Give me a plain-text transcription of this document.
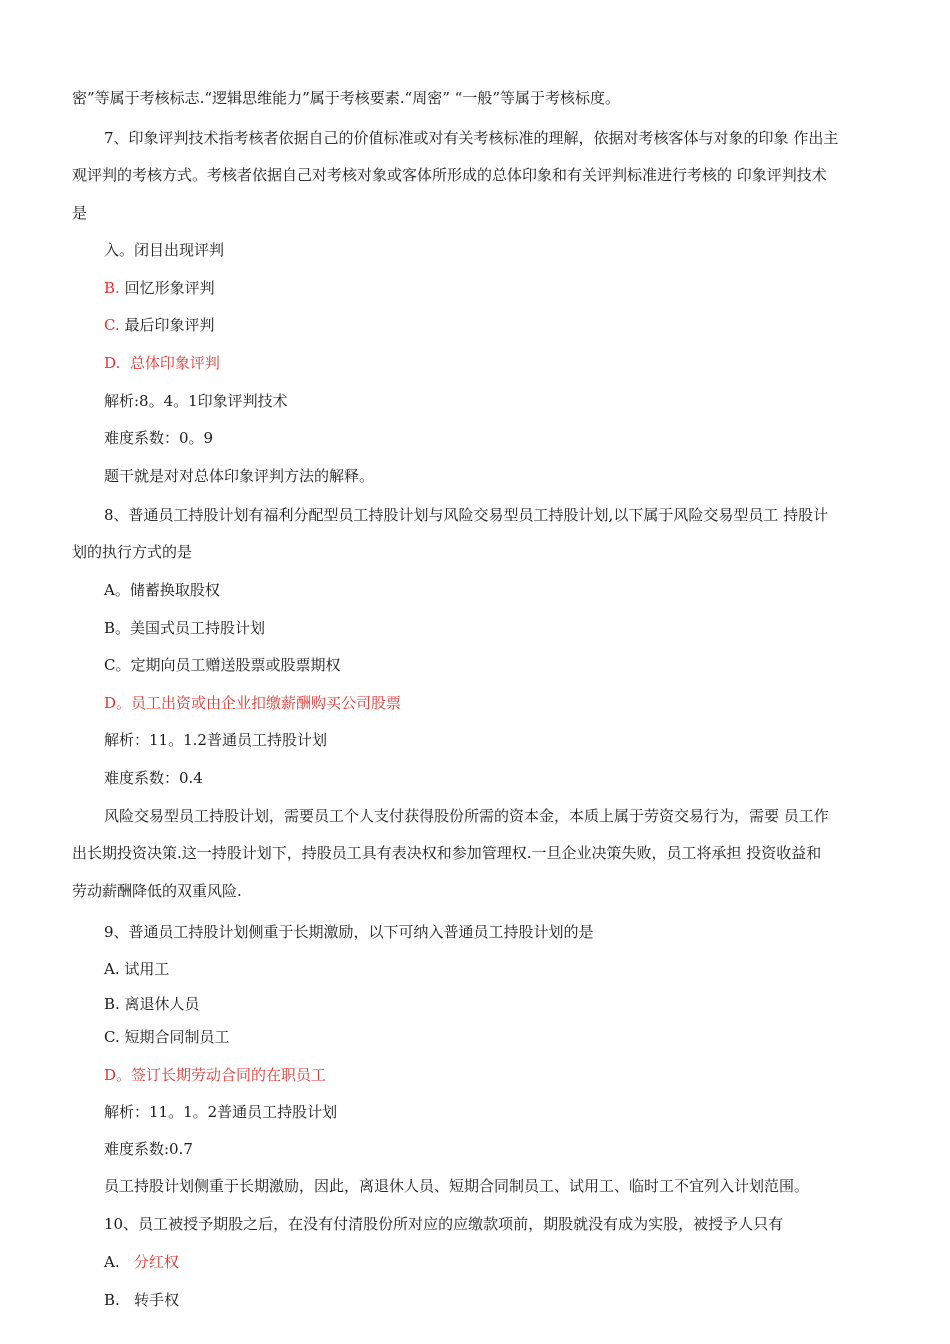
密”等属于考核标志.“逻辑思维能力”属于考核要素.“周密” “一般”等属于考核标度。
7、印象评判技术指考核者依据自己的价值标准或对有关考核标准的理解，依据对考核客体与对象的印象 作出主
观评判的考核方式。考核者依据自己对考核对象或客体所形成的总体印象和有关评判标准进行考核的 印象评判技术
是
入。闭目出现评判
B. 回忆形象评判
C. 最后印象评判
D. 总体印象评判
解析:8。4。1印象评判技术
难度系数：0。9
题干就是对对总体印象评判方法的解释。
8、普通员工持股计划有福利分配型员工持股计划与风险交易型员工持股计划,以下属于风险交易型员工 持股计
划的执行方式的是
A。储蓄换取股权
B。美国式员工持股计划
C。定期向员工赠送股票或股票期权
D。员工出资或由企业扣缴薪酬购买公司股票
解析：11。1.2普通员工持股计划
难度系数：0.4
风险交易型员工持股计划，需要员工个人支付获得股份所需的资本金，本质上属于劳资交易行为，需要 员工作
出长期投资决策.这一持股计划下，持股员工具有表决权和参加管理权.一旦企业决策失败，员工将承担 投资收益和
劳动薪酬降低的双重风险.
9、普通员工持股计划侧重于长期激励，以下可纳入普通员工持股计划的是
A. 试用工
B. 离退休人员
C. 短期合同制员工
D。签订长期劳动合同的在职员工
解析：11。1。2普通员工持股计划
难度系数:0.7
员工持股计划侧重于长期激励，因此，离退休人员、短期合同制员工、试用工、临时工不宜列入计划范围。
10、员工被授予期股之后，在没有付清股份所对应的应缴款项前，期股就没有成为实股，被授予人只有
A. 分红权
B. 转手权
